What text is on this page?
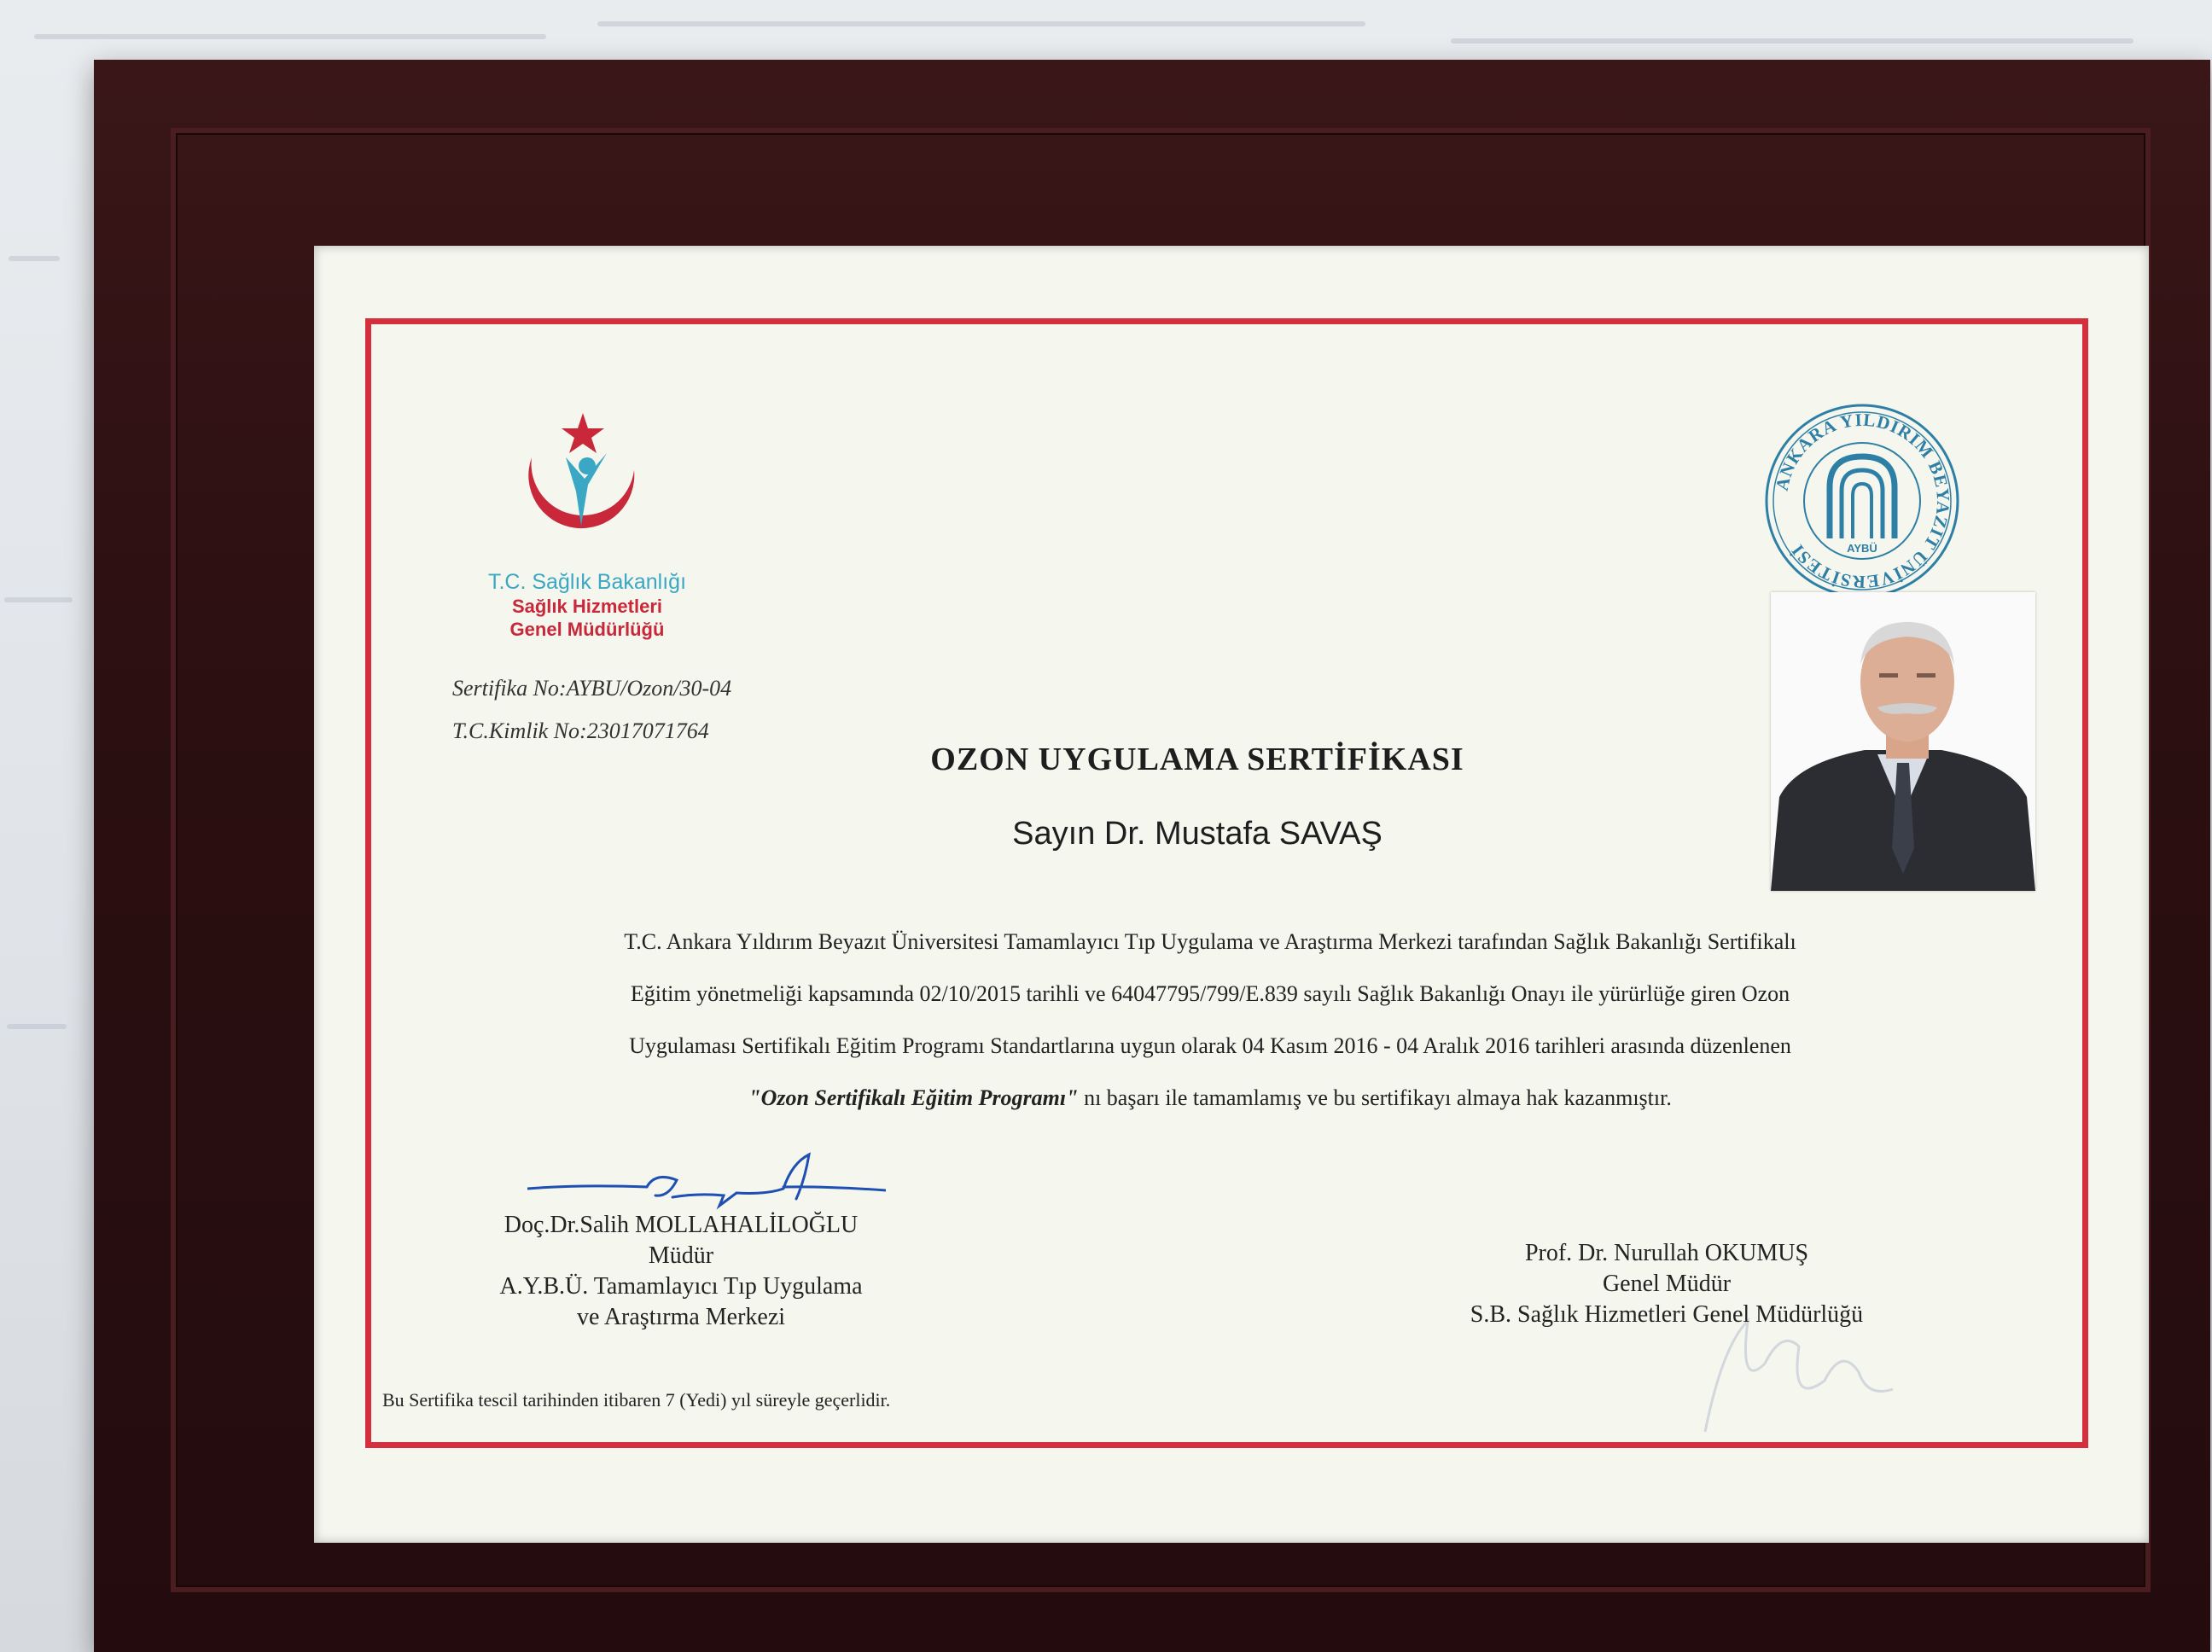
T.C. Sağlık Bakanlığı
Sağlık Hizmetleri
Genel Müdürlüğü
Sertifika No:AYBU/Ozon/30-04
T.C.Kimlik No:23017071764
ANKARA YILDIRIM BEYAZIT ÜNİVERSİTESİ	AYBÜ
OZON UYGULAMA SERTİFİKASI
Sayın Dr. Mustafa SAVAŞ
T.C. Ankara Yıldırım Beyazıt Üniversitesi Tamamlayıcı Tıp Uygulama ve Araştırma Merkezi tarafından Sağlık Bakanlığı Sertifikalı
Eğitim yönetmeliği kapsamında 02/10/2015 tarihli ve 64047795/799/E.839 sayılı Sağlık Bakanlığı Onayı ile yürürlüğe giren Ozon
Uygulaması Sertifikalı Eğitim Programı Standartlarına uygun olarak 04 Kasım 2016 - 04 Aralık 2016 tarihleri arasında düzenlenen
"Ozon Sertifikalı Eğitim Programı" nı başarı ile tamamlamış ve bu sertifikayı almaya hak kazanmıştır.
Doç.Dr.Salih MOLLAHALİLOĞLU
Müdür
A.Y.B.Ü. Tamamlayıcı Tıp Uygulama
ve Araştırma Merkezi
Prof. Dr. Nurullah OKUMUŞ
Genel Müdür
S.B. Sağlık Hizmetleri Genel Müdürlüğü
Bu Sertifika tescil tarihinden itibaren 7 (Yedi) yıl süreyle geçerlidir.
